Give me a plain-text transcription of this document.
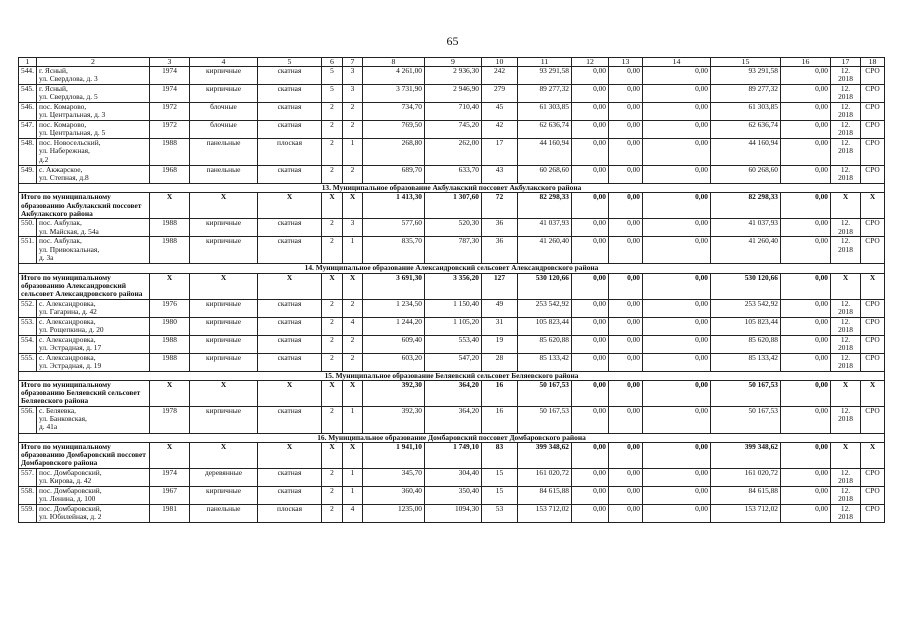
65
1	2	3	4	5	6	7	8	9	10	11	12	13	14	15	16	17	18
544.	г. Ясный,
ул. Свердлова, д. 3	1974	кирпичные	скатная	5	3	4 261,00	2 936,30	242	93 291,58	0,00	0,00	0,00	93 291,58	0,00	12.
2018	СРО
545.	г. Ясный,
ул. Свердлова, д. 5	1974	кирпичные	скатная	5	3	3 731,90	2 946,90	279	89 277,32	0,00	0,00	0,00	89 277,32	0,00	12.
2018	СРО
546.	пос. Комарово,
ул. Центральная, д. 3	1972	блочные	скатная	2	2	734,70	710,40	45	61 303,85	0,00	0,00	0,00	61 303,85	0,00	12.
2018	СРО
547.	пос. Комарово,
ул. Центральная, д. 5	1972	блочные	скатная	2	2	769,50	745,20	42	62 636,74	0,00	0,00	0,00	62 636,74	0,00	12.
2018	СРО
548.	пос. Новосельский,
ул. Набережная,
д.2	1988	панельные	плоская	2	1	268,80	262,00	17	44 160,94	0,00	0,00	0,00	44 160,94	0,00	12.
2018	СРО
549.	с. Акжарское,
ул. Степная, д.8	1968	панельные	скатная	2	2	689,70	633,70	43	60 268,60	0,00	0,00	0,00	60 268,60	0,00	12.
2018	СРО
13. Муниципальное образование Акбулакский поссовет Акбулакского района																	
Итого по муниципальному образованию Акбулакский поссовет Акбулакского района		X	X	X	X	X	1 413,30	1 307,60	72	82 298,33	0,00	0,00	0,00	82 298,33	0,00	X	X
550.	пос. Акбулак,
ул. Майская, д. 54а	1988	кирпичные	скатная	2	3	577,60	520,30	36	41 037,93	0,00	0,00	0,00	41 037,93	0,00	12.
2018	СРО
551.	пос. Акбулак,
ул. Привокзальная,
д. 3а	1988	кирпичные	скатная	2	1	835,70	787,30	36	41 260,40	0,00	0,00	0,00	41 260,40	0,00	12.
2018	СРО
14. Муниципальное образование Александровский сельсовет Александровского района																	
Итого по муниципальному образованию Александровский сельсовет Александровского района		X	X	X	X	X	3 691,30	3 356,20	127	530 120,66	0,00	0,00	0,00	530 120,66	0,00	X	X
552.	с. Александровка,
ул. Гагарина, д. 42	1976	кирпичные	скатная	2	2	1 234,50	1 150,40	49	253 542,92	0,00	0,00	0,00	253 542,92	0,00	12.
2018	СРО
553.	с. Александровка,
ул. Рощепкина, д. 20	1980	кирпичные	скатная	2	4	1 244,20	1 105,20	31	105 823,44	0,00	0,00	0,00	105 823,44	0,00	12.
2018	СРО
554.	с. Александровка,
ул. Эстрадная, д. 17	1988	кирпичные	скатная	2	2	609,40	553,40	19	85 620,88	0,00	0,00	0,00	85 620,88	0,00	12.
2018	СРО
555.	с. Александровка,
ул. Эстрадная, д. 19	1988	кирпичные	скатная	2	2	603,20	547,20	28	85 133,42	0,00	0,00	0,00	85 133,42	0,00	12.
2018	СРО
15. Муниципальное образование Беляевский сельсовет Беляевского района																	
Итого по муниципальному образованию Беляевский сельсовет Беляевского района		X	X	X	X	X	392,30	364,20	16	50 167,53	0,00	0,00	0,00	50 167,53	0,00	X	X
556.	с. Беляевка,
ул. Банковская,
д. 41а	1978	кирпичные	скатная	2	1	392,30	364,20	16	50 167,53	0,00	0,00	0,00	50 167,53	0,00	12.
2018	СРО
16. Муниципальное образование Домбаровский поссовет Домбаровского района																	
Итого по муниципальному образованию Домбаровский поссовет Домбаровского района		X	X	X	X	X	1 941,10	1 749,10	83	399 348,62	0,00	0,00	0,00	399 348,62	0,00	X	X
557.	пос. Домбаровский,
ул. Кирова, д. 42	1974	деревянные	скатная	2	1	345,70	304,40	15	161 020,72	0,00	0,00	0,00	161 020,72	0,00	12.
2018	СРО
558.	пос. Домбаровский,
ул. Ленина, д. 100	1967	кирпичные	скатная	2	1	360,40	350,40	15	84 615,88	0,00	0,00	0,00	84 615,88	0,00	12.
2018	СРО
559.	пос. Домбаровский,
ул. Юбилейная, д. 2	1981	панельные	плоская	2	4	1235,00	1094,30	53	153 712,02	0,00	0,00	0,00	153 712,02	0,00	12.
2018	СРО
